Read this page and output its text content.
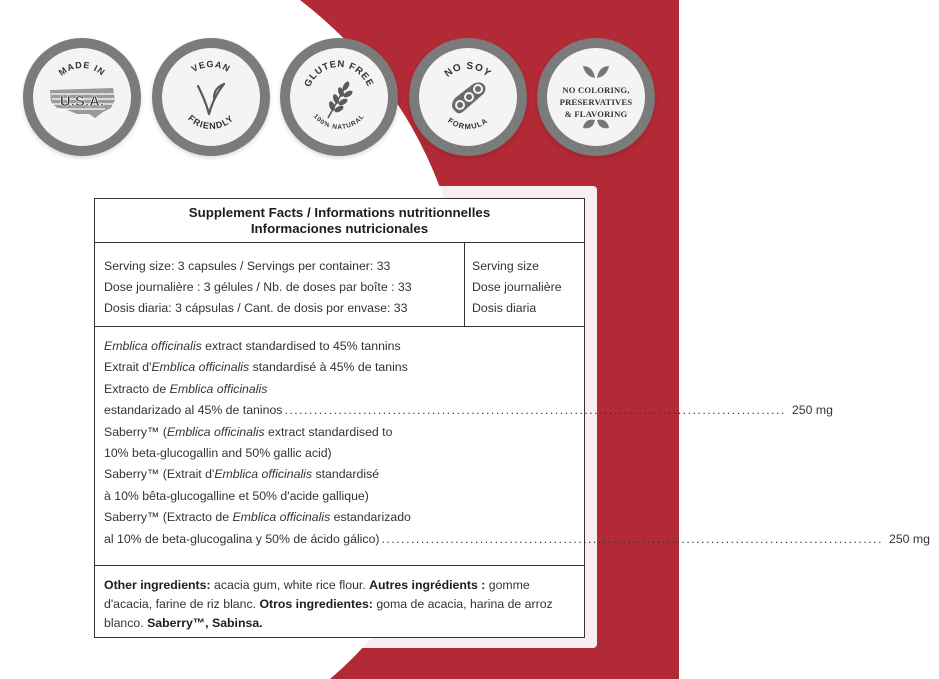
MADE IN
U.S.A.
VEGAN
FRIENDLY
GLUTEN FREE
100% NATURAL
NO SOY
FORMULA
NO COLORING,
PRESERVATIVES
& FLAVORING
Supplement Facts / Informations nutritionnelles
Informaciones nutricionales
Serving size: 3 capsules / Servings per container: 33
Dose journalière : 3 gélules / Nb. de doses par boîte : 33
Dosis diaria: 3 cápsulas / Cant. de dosis por envase: 33
Serving size
Dose journalière
Dosis diaria
Emblica officinalis extract standardised to 45% tannins
Extrait d'Emblica officinalis standardisé à 45% de tanins
Extracto de Emblica officinalis
estandarizado al 45% de taninos .....	250 mg
Saberry™ (Emblica officinalis extract standardised to
10% beta-glucogallin and 50% gallic acid)
Saberry™ (Extrait d'Emblica officinalis standardisé
à 10% bêta-glucogalline et 50% d'acide gallique)
Saberry™ (Extracto de Emblica officinalis estandarizado
al 10% de beta-glucogalina y 50% de ácido gálico) .....	250 mg
Other ingredients: acacia gum, white rice flour. Autres ingrédients : gomme d'acacia, farine de riz blanc. Otros ingredientes: goma de acacia, harina de arroz blanco. Saberry™, Sabinsa.
